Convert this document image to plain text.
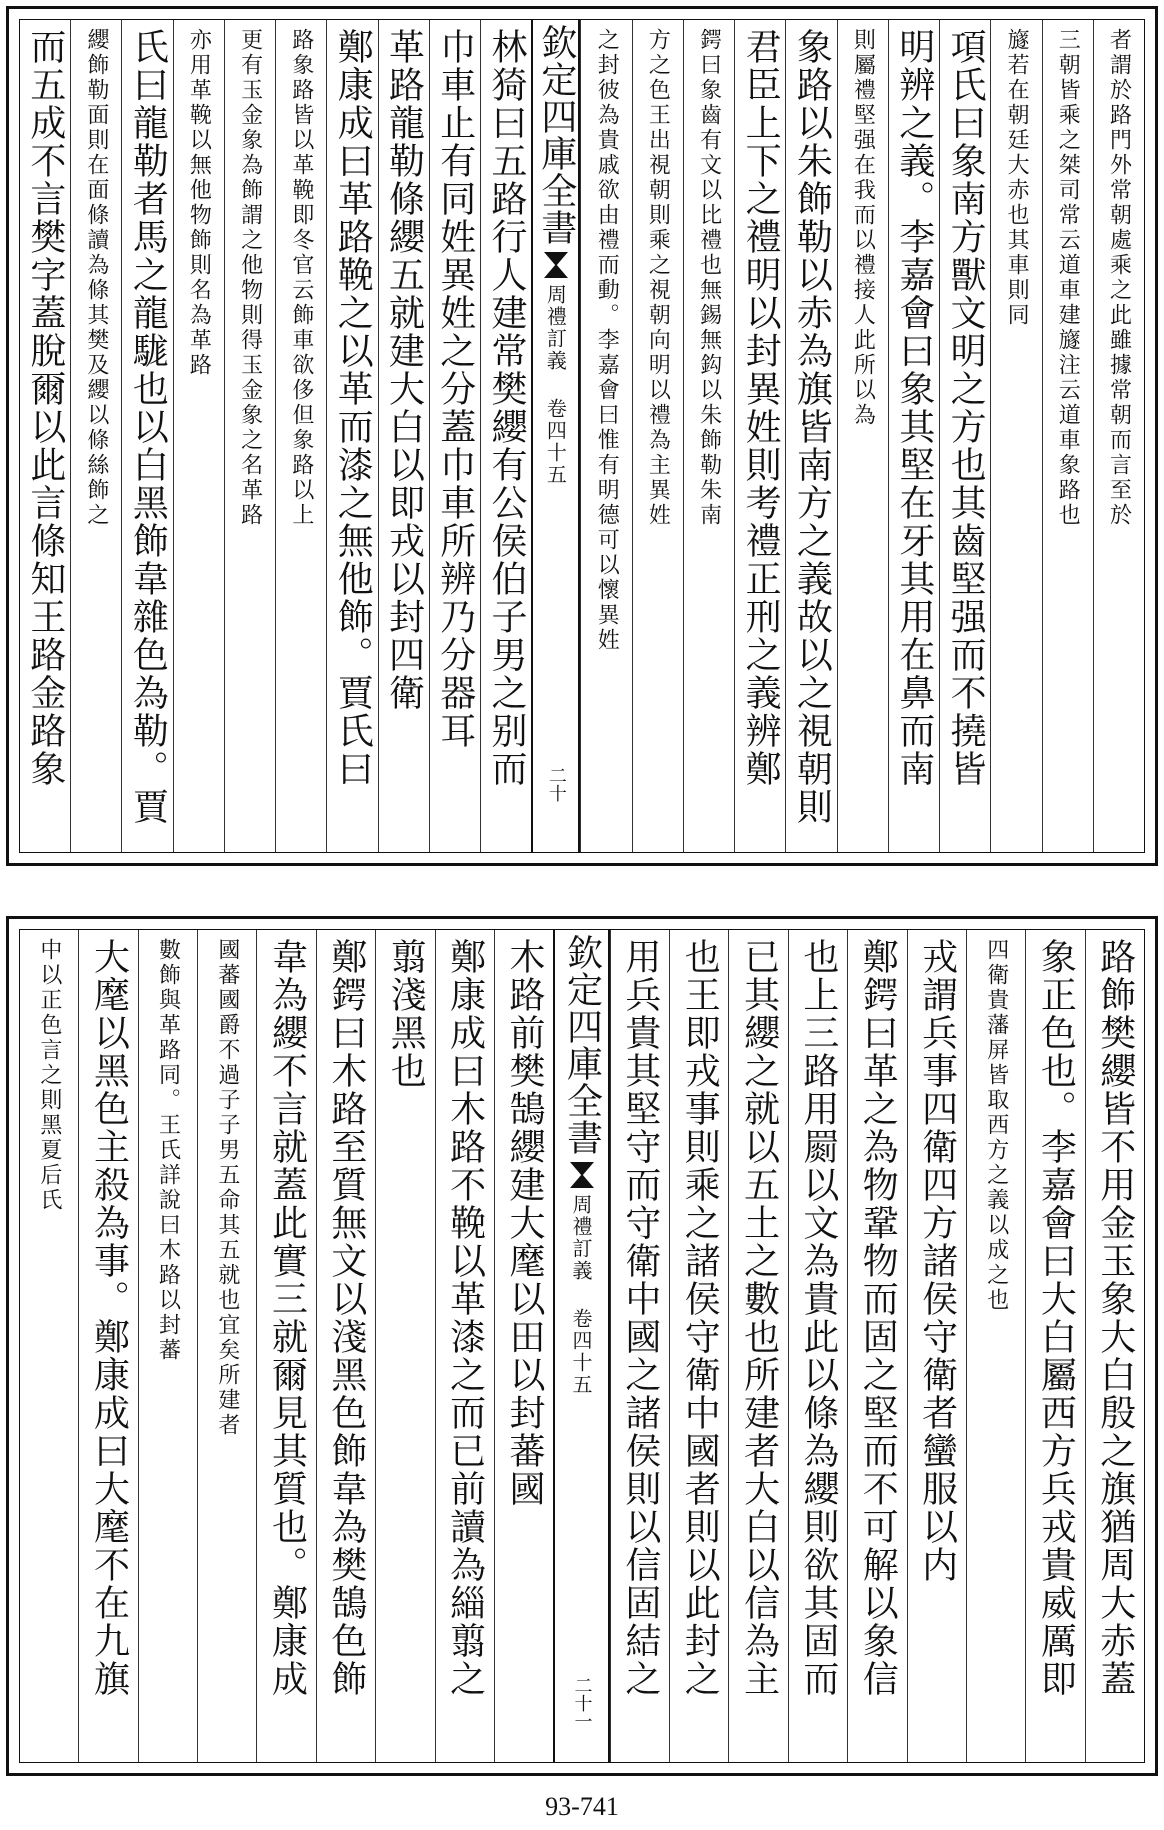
者謂於路門外常朝處乘之此雖據常朝而言至於
三朝皆乘之桀司常云道車建旞注云道車象路也
旞若在朝廷大赤也其車則同
項氏曰象南方獸文明之方也其齒堅强而不撓皆
明辨之義。李嘉會曰象其堅在牙其用在鼻而南
則屬禮堅强在我而以禮接人此所以為
象路以朱飾勒以赤為旗皆南方之義故以之視朝則
君臣上下之禮明以封異姓則考禮正刑之義辨鄭
鍔曰象齒有文以比禮也無錫無鈎以朱飾勒朱南
方之色王出視朝則乘之視朝向明以禮為主異姓
之封彼為貴戚欲由禮而動。李嘉會曰惟有明德可以懷異姓
欽定四庫全書
周禮訂義 卷四十五
二十
林猗曰五路行人建常樊纓有公侯伯子男之别而
巾車止有同姓異姓之分蓋巾車所辨乃分器耳
革路龍勒條纓五就建大白以即戎以封四衛
鄭康成曰革路鞔之以革而漆之無他飾。賈氏曰
路象路皆以革鞔即冬官云飾車欲侈但象路以上
更有玉金象為飾謂之他物則得玉金象之名革路
亦用革鞔以無他物飾則名為革路
氏曰龍勒者馬之龍駹也以白黑飾韋雜色為勒。賈
纓飾勒面則在面條讀為條其樊及纓以條絲飾之
而五成不言樊字蓋脫爾以此言條知王路金路象
路飾樊纓皆不用金玉象大白殷之旗猶周大赤蓋
象正色也。李嘉會曰大白屬西方兵戎貴威厲即
四衛貴藩屏皆取西方之義以成之也
戎謂兵事四衛四方諸侯守衛者蠻服以内
鄭鍔曰革之為物鞏物而固之堅而不可解以象信
也上三路用罽以文為貴此以條為纓則欲其固而
已其纓之就以五土之數也所建者大白以信為主
也王即戎事則乘之諸侯守衛中國者則以此封之
用兵貴其堅守而守衛中國之諸侯則以信固結之
欽定四庫全書
周禮訂義 卷四十五
二十一
木路前樊鵠纓建大麾以田以封蕃國
鄭康成曰木路不鞔以革漆之而已前讀為緇翦之
翦淺黑也
鄭鍔曰木路至質無文以淺黑色飾韋為樊鵠色飾
韋為纓不言就蓋此實三就爾見其質也。鄭康成
國蕃國爵不過子子男五命其五就也宜矣所建者
數飾與革路同。王氏詳說曰木路以封蕃
大麾以黑色主殺為事。鄭康成曰大麾不在九旗
中以正色言之則黑夏后氏
93-741
